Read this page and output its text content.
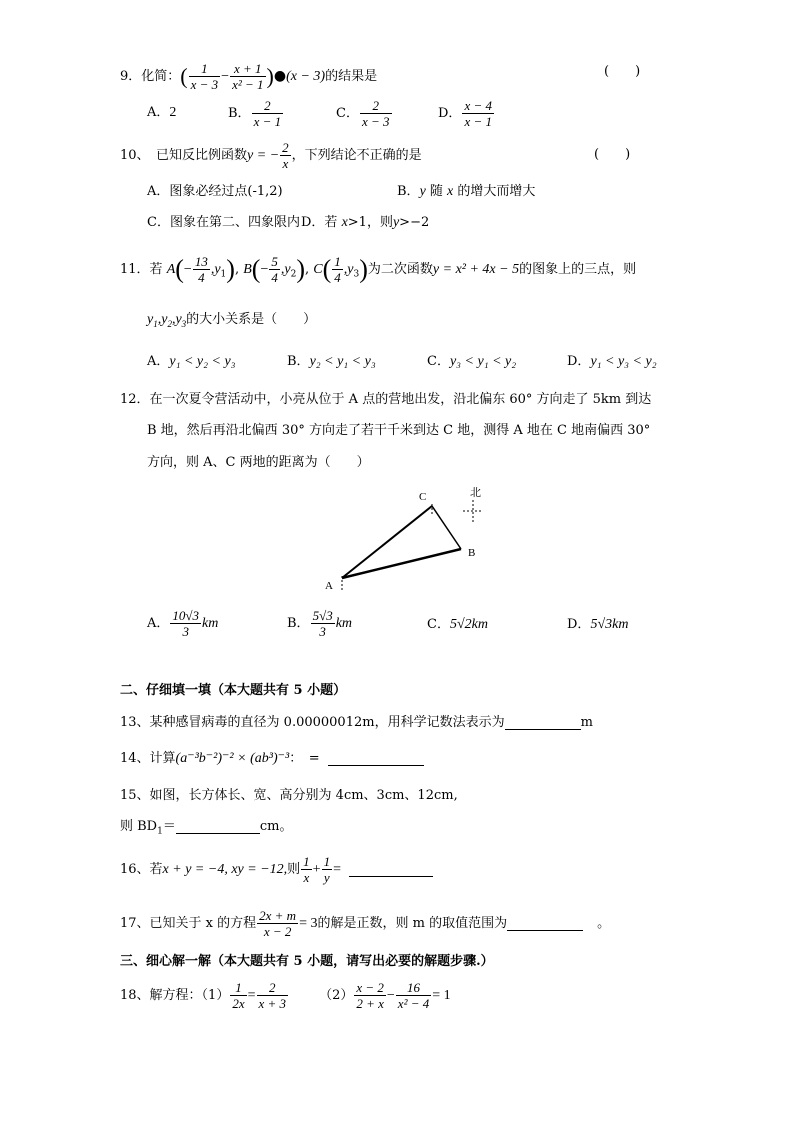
9．化简：( $\frac{1}{x - 3} - \frac{x + 1}{\text{x² − 1}}$ )●(x − 3)的结果是	(　　)
A．2	B． $\frac{2}{x - 1}$	C． $\frac{2}{x - 3}$	D． $\frac{x - 4}{x - 1}$
10、　已知反比例函数y = − $\frac{2}{x}$ ，下列结论不正确的是	(　　)
A．图象必经过点(-1,2)	B．y 随 x 的增大而增大
C．图象在第二、四象限内 D．若 x>1，则y>−2
11．若 $A(- \frac{13}{4} ,y_1)$, $B(- \frac{5}{4} ,y_2)$, $C( \frac{1}{4} ,y_3)$为二次函数y = x² + 4x − 5的图象上的三点，则
$y_1,y_2,y_3$的大小关系是（　　）
A．y₁ < y₂ < y₃	B．y₂ < y₁ < y₃	C．y₃ < y₁ < y₂	D．y₁ < y₃ < y₂
12．在一次夏令营活动中，小亮从位于 A 点的营地出发，沿北偏东 60° 方向走了 5km 到达
B 地，然后再沿北偏西 30° 方向走了若干千米到达 C 地，测得 A 地在 C 地南偏西 30°
方向，则 A、C 两地的距离为（　　）
A
B
C	北
A． $\frac{10√3}{3}$ km	B． $\frac{5√3}{3}$ km	C．5√2km	D．5√3km
二、仔细填一填（本大题共有 5 小题）
13、某种感冒病毒的直径为 0.00000012m，用科学记数法表示为	m
14、计算(a⁻³b⁻²)⁻² × (ab³)⁻³：　=
15、如图，长方体长、宽、高分别为 4cm、3cm、12cm,
则 $BD_1=$	cm。
16、若x + y = −4, xy = −12,则 $\frac{1}{x} + \frac{1}{y}$ =
17、已知关于 x 的方程 $\frac{2x + m}{x - 2} = 3$的解是正数，则 m 的取值范围为	。
三、细心解一解（本大题共有 5 小题，请写出必要的解题步骤.）
18、解方程：$(1) \frac{1}{2x} = \frac{2}{x + 3} (2) \frac{x - 2}{2 + x} - \frac{16}{\text{x² − 4}} = 1$
